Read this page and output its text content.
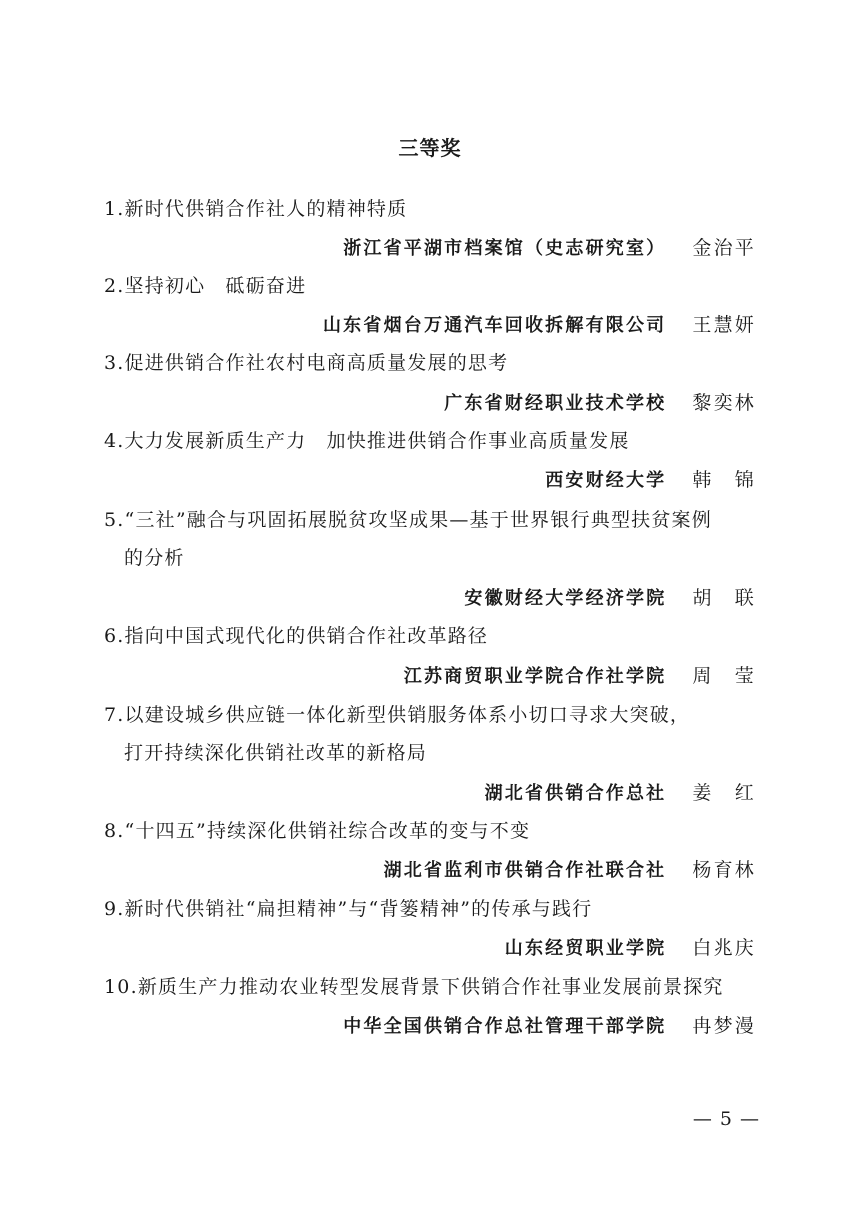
三等奖
1.新时代供销合作社人的精神特质
浙江省平湖市档案馆（史志研究室） 金治平
2.坚持初心　砥砺奋进
山东省烟台万通汽车回收拆解有限公司 王慧妍
3.促进供销合作社农村电商高质量发展的思考
广东省财经职业技术学校 黎奕林
4.大力发展新质生产力　加快推进供销合作事业高质量发展
西安财经大学 韩　锦
5.“三社”融合与巩固拓展脱贫攻坚成果—基于世界银行典型扶贫案例
的分析
安徽财经大学经济学院 胡　联
6.指向中国式现代化的供销合作社改革路径
江苏商贸职业学院合作社学院 周　莹
7.以建设城乡供应链一体化新型供销服务体系小切口寻求大突破，
打开持续深化供销社改革的新格局
湖北省供销合作总社 姜　红
8.“十四五”持续深化供销社综合改革的变与不变
湖北省监利市供销合作社联合社 杨育林
9.新时代供销社“扁担精神”与“背篓精神”的传承与践行
山东经贸职业学院 白兆庆
10.新质生产力推动农业转型发展背景下供销合作社事业发展前景探究
中华全国供销合作总社管理干部学院 冉梦漫
— 5 —
